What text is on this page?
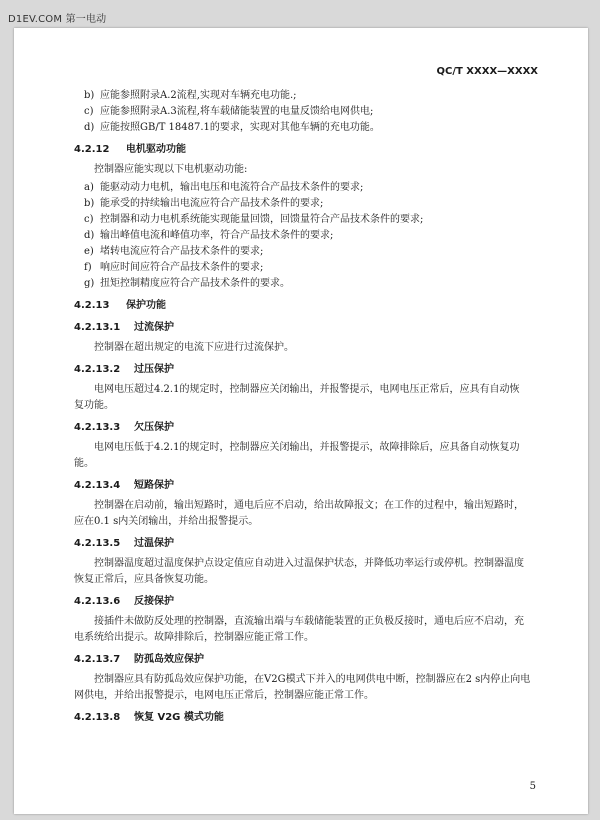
D1EV.COM 第一电动
QC/T XXXX—XXXX
b) 应能参照附录A.2流程,实现对车辆充电功能.;
c) 应能参照附录A.3流程,将车载储能装置的电量反馈给电网供电;
d) 应能按照GB/T 18487.1的要求，实现对其他车辆的充电功能。
4.2.12 电机驱动功能
控制器应能实现以下电机驱动功能:
a) 能驱动动力电机，输出电压和电流符合产品技术条件的要求;
b) 能承受的持续输出电流应符合产品技术条件的要求;
c) 控制器和动力电机系统能实现能量回馈，回馈量符合产品技术条件的要求;
d) 输出峰值电流和峰值功率，符合产品技术条件的要求;
e) 堵转电流应符合产品技术条件的要求;
f) 响应时间应符合产品技术条件的要求;
g) 扭矩控制精度应符合产品技术条件的要求。
4.2.13 保护功能
4.2.13.1 过流保护
控制器在超出规定的电流下应进行过流保护。
4.2.13.2 过压保护
电网电压超过4.2.1的规定时，控制器应关闭输出，并报警提示，电网电压正常后，应具有自动恢
复功能。
4.2.13.3 欠压保护
电网电压低于4.2.1的规定时，控制器应关闭输出，并报警提示，故障排除后，应具备自动恢复功
能。
4.2.13.4 短路保护
控制器在启动前，输出短路时，通电后应不启动，给出故障报文；在工作的过程中，输出短路时，
应在0.1 s内关闭输出，并给出报警提示。
4.2.13.5 过温保护
控制器温度超过温度保护点设定值应自动进入过温保护状态，并降低功率运行或停机。控制器温度
恢复正常后，应具备恢复功能。
4.2.13.6 反接保护
接插件未做防反处理的控制器，直流输出端与车载储能装置的正负极反接时，通电后应不启动，充
电系统给出提示。故障排除后，控制器应能正常工作。
4.2.13.7 防孤岛效应保护
控制器应具有防孤岛效应保护功能，在V2G模式下并入的电网供电中断，控制器应在2 s内停止向电
网供电，并给出报警提示，电网电压正常后，控制器应能正常工作。
4.2.13.8 恢复 V2G 模式功能
5
